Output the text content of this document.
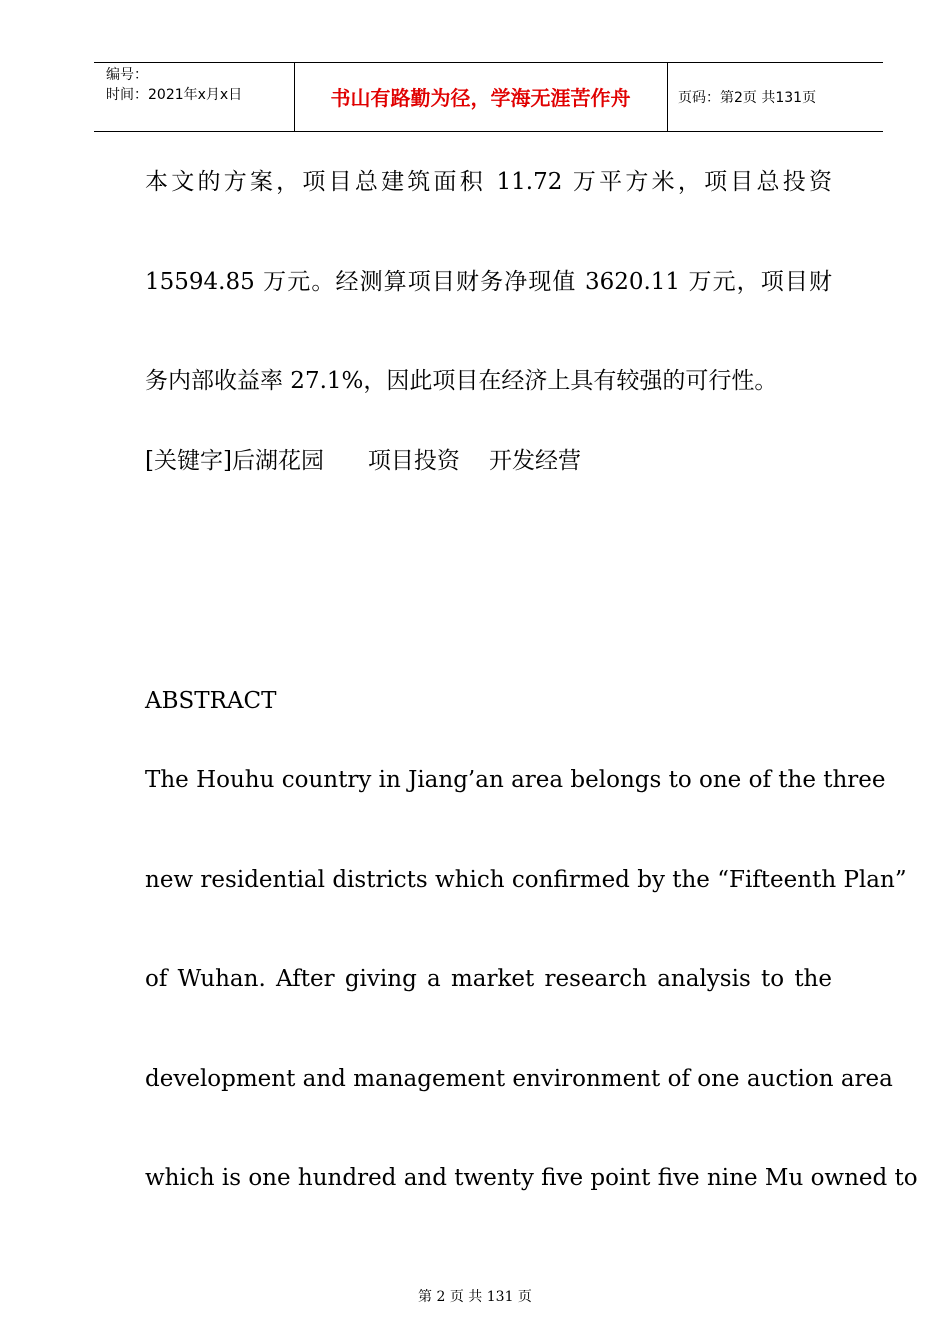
编号：
时间：2021年x月x日	书山有路勤为径，学海无涯苦作舟	页码：第2页 共131页
本文的方案，项目总建筑面积 11.72 万平方米，项目总投资
15594.85 万元。经测算项目财务净现值 3620.11 万元，项目财
务内部收益率 27.1%，因此项目在经济上具有较强的可行性。
[关键字]后湖花园      项目投资    开发经营
ABSTRACT
The Houhu country in Jiang’an area belongs to one of the three
new residential districts which confirmed by the “Fifteenth Plan”
of Wuhan. After giving a market research analysis to the
development and management environment of one auction area
which is one hundred and twenty five point five nine Mu owned to
第 2 页 共 131 页
